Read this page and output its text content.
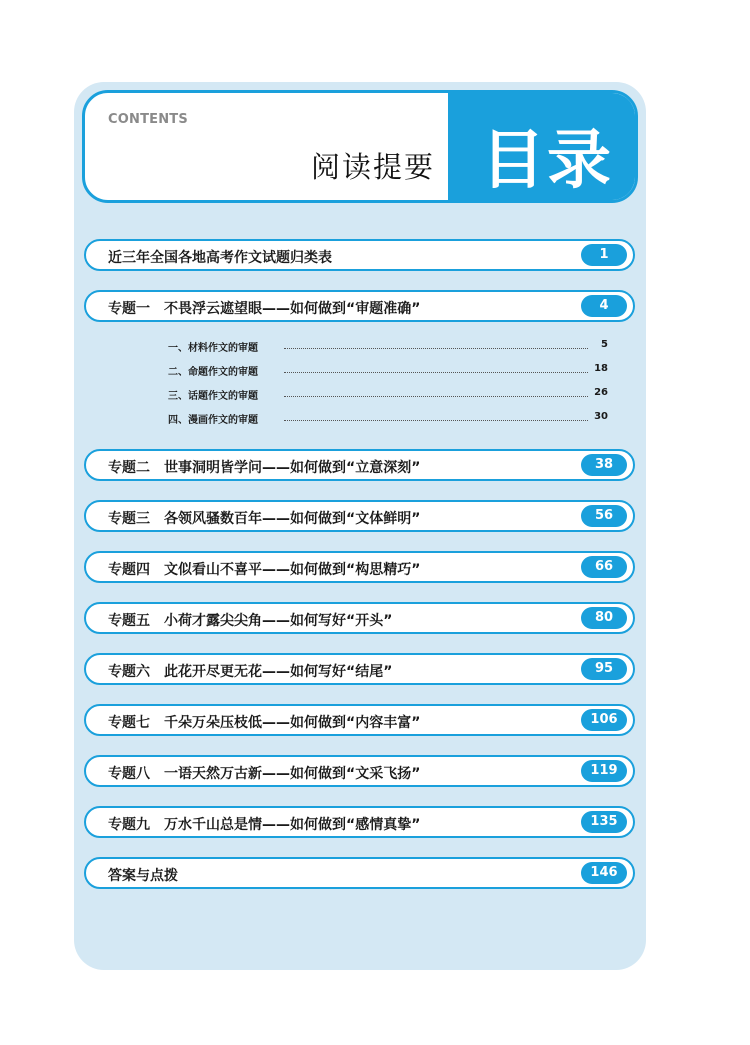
CONTENTS
阅读提要 目录
近三年全国各地高考作文试题归类表	1
专题一 不畏浮云遮望眼——如何做到“审题准确”	4
一、材料作文的审题	5
二、命题作文的审题	18
三、话题作文的审题	26
四、漫画作文的审题	30
专题二 世事洞明皆学问——如何做到“立意深刻”	38
专题三 各领风骚数百年——如何做到“文体鲜明”	56
专题四 文似看山不喜平——如何做到“构思精巧”	66
专题五 小荷才露尖尖角——如何写好“开头”	80
专题六 此花开尽更无花——如何写好“结尾”	95
专题七 千朵万朵压枝低——如何做到“内容丰富”	106
专题八 一语天然万古新——如何做到“文采飞扬”	119
专题九 万水千山总是情——如何做到“感情真挚”	135
答案与点拨	146
